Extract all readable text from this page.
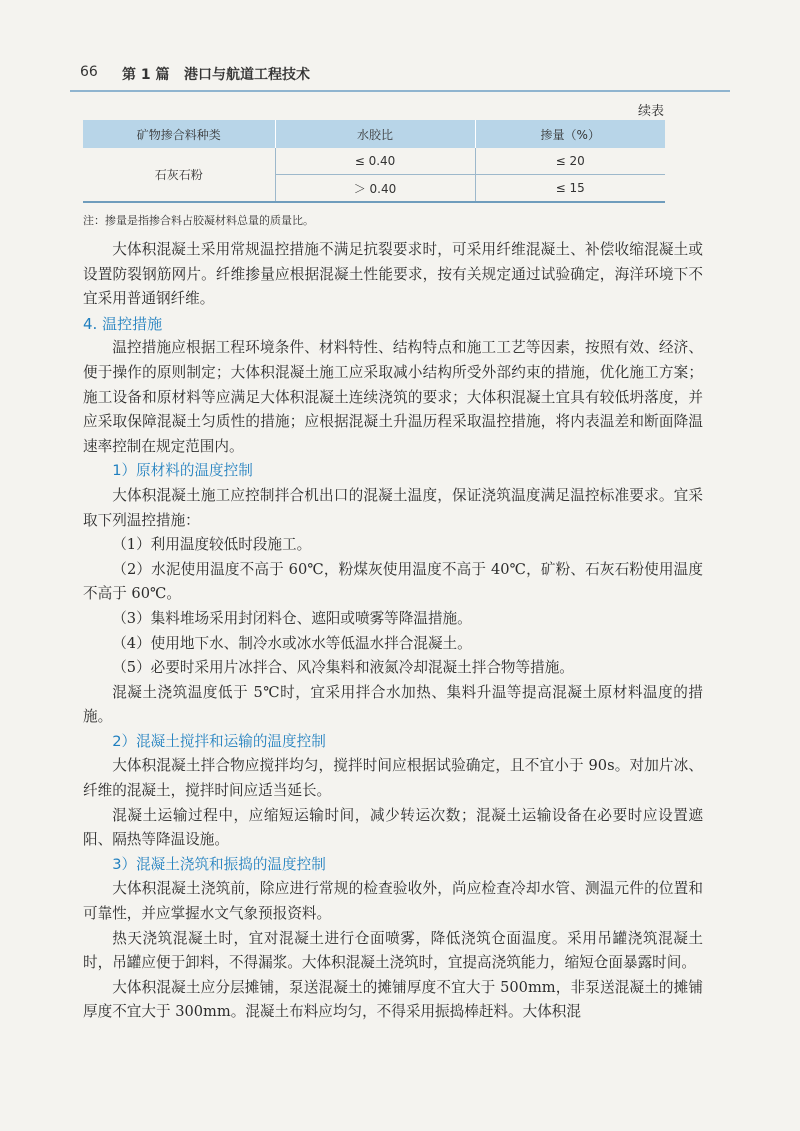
66 第 1 篇 港口与航道工程技术
续表
矿物掺合料种类	水胶比	掺量（%）
石灰石粉	≤ 0.40	≤ 20
	＞ 0.40	≤ 15
注：掺量是指掺合料占胶凝材料总量的质量比。

大体积混凝土采用常规温控措施不满足抗裂要求时，可采用纤维混凝土、补偿收缩混凝土或设置防裂钢筋网片。纤维掺量应根据混凝土性能要求，按有关规定通过试验确定，海洋环境下不宜采用普通钢纤维。

4. 温控措施

温控措施应根据工程环境条件、材料特性、结构特点和施工工艺等因素，按照有效、经济、便于操作的原则制定；大体积混凝土施工应采取减小结构所受外部约束的措施，优化施工方案；施工设备和原材料等应满足大体积混凝土连续浇筑的要求；大体积混凝土宜具有较低坍落度，并应采取保障混凝土匀质性的措施；应根据混凝土升温历程采取温控措施，将内表温差和断面降温速率控制在规定范围内。

1）原材料的温度控制

大体积混凝土施工应控制拌合机出口的混凝土温度，保证浇筑温度满足温控标准要求。宜采取下列温控措施：

（1）利用温度较低时段施工。

（2）水泥使用温度不高于 60℃，粉煤灰使用温度不高于 40℃，矿粉、石灰石粉使用温度不高于 60℃。

（3）集料堆场采用封闭料仓、遮阳或喷雾等降温措施。

（4）使用地下水、制冷水或冰水等低温水拌合混凝土。

（5）必要时采用片冰拌合、风冷集料和液氮冷却混凝土拌合物等措施。

混凝土浇筑温度低于 5℃时，宜采用拌合水加热、集料升温等提高混凝土原材料温度的措施。

2）混凝土搅拌和运输的温度控制

大体积混凝土拌合物应搅拌均匀，搅拌时间应根据试验确定，且不宜小于 90s。对加片冰、纤维的混凝土，搅拌时间应适当延长。

混凝土运输过程中，应缩短运输时间，减少转运次数；混凝土运输设备在必要时应设置遮阳、隔热等降温设施。

3）混凝土浇筑和振捣的温度控制

大体积混凝土浇筑前，除应进行常规的检查验收外，尚应检查冷却水管、测温元件的位置和可靠性，并应掌握水文气象预报资料。

热天浇筑混凝土时，宜对混凝土进行仓面喷雾，降低浇筑仓面温度。采用吊罐浇筑混凝土时，吊罐应便于卸料，不得漏浆。大体积混凝土浇筑时，宜提高浇筑能力，缩短仓面暴露时间。

大体积混凝土应分层摊铺，泵送混凝土的摊铺厚度不宜大于 500mm，非泵送混凝土的摊铺厚度不宜大于 300mm。混凝土布料应均匀，不得采用振捣棒赶料。大体积混
